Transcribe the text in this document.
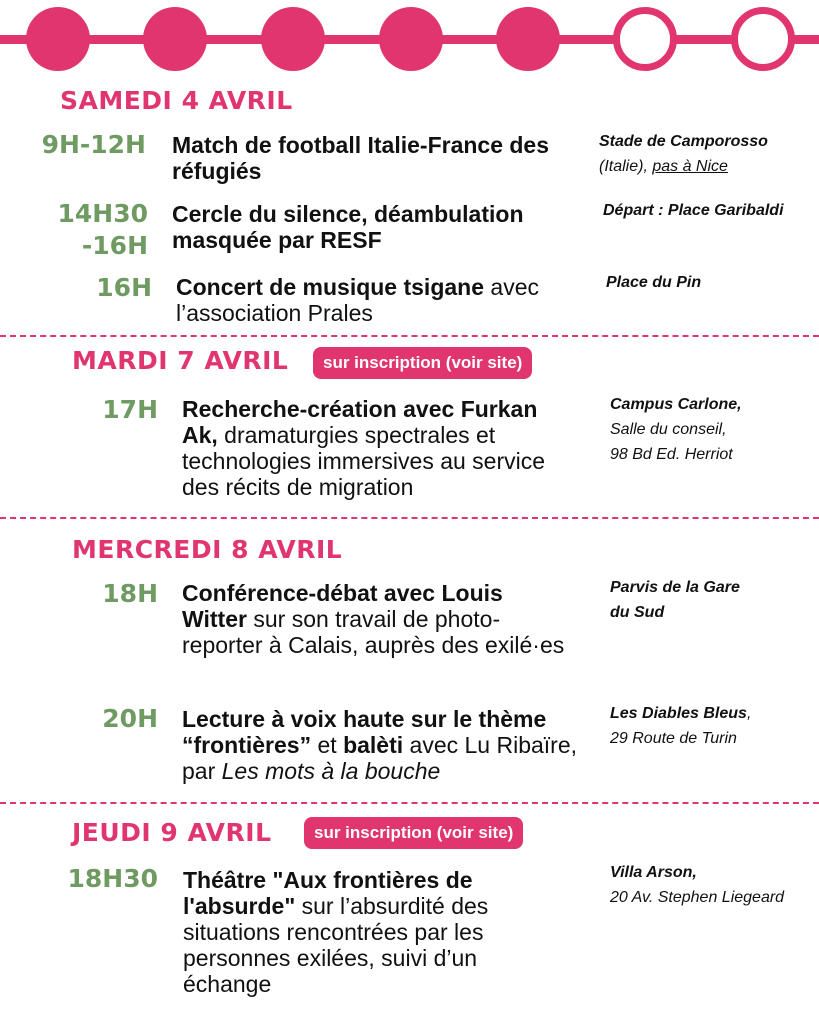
SAMEDI 4 AVRIL
9H-12H Match de football Italie-France des réfugiés
Stade de Camporosso
(Italie), pas à Nice
14H30
-16H
Cercle du silence, déambulation masquée par RESF
Départ : Place Garibaldi
16H Concert de musique tsigane avec l’association Prales
Place du Pin
MARDI 7 AVRIL	sur inscription (voir site)
17H Recherche-création avec Furkan Ak, dramaturgies spectrales et technologies immersives au service des récits de migration
Campus Carlone,
Salle du conseil,
98 Bd Ed. Herriot
MERCREDI 8 AVRIL
18H Conférence-débat avec Louis Witter sur son travail de photo-reporter à Calais, auprès des exilé·es
Parvis de la Gare
du Sud
20H Lecture à voix haute sur le thème “frontières” et balèti avec Lu Ribaïre, par Les mots à la bouche
Les Diables Bleus,
29 Route de Turin
JEUDI 9 AVRIL	sur inscription (voir site)
18H30 Théâtre "Aux frontières de l'absurde" sur l’absurdité des situations rencontrées par les personnes exilées, suivi d’un échange
Villa Arson,
20 Av. Stephen Liegeard
